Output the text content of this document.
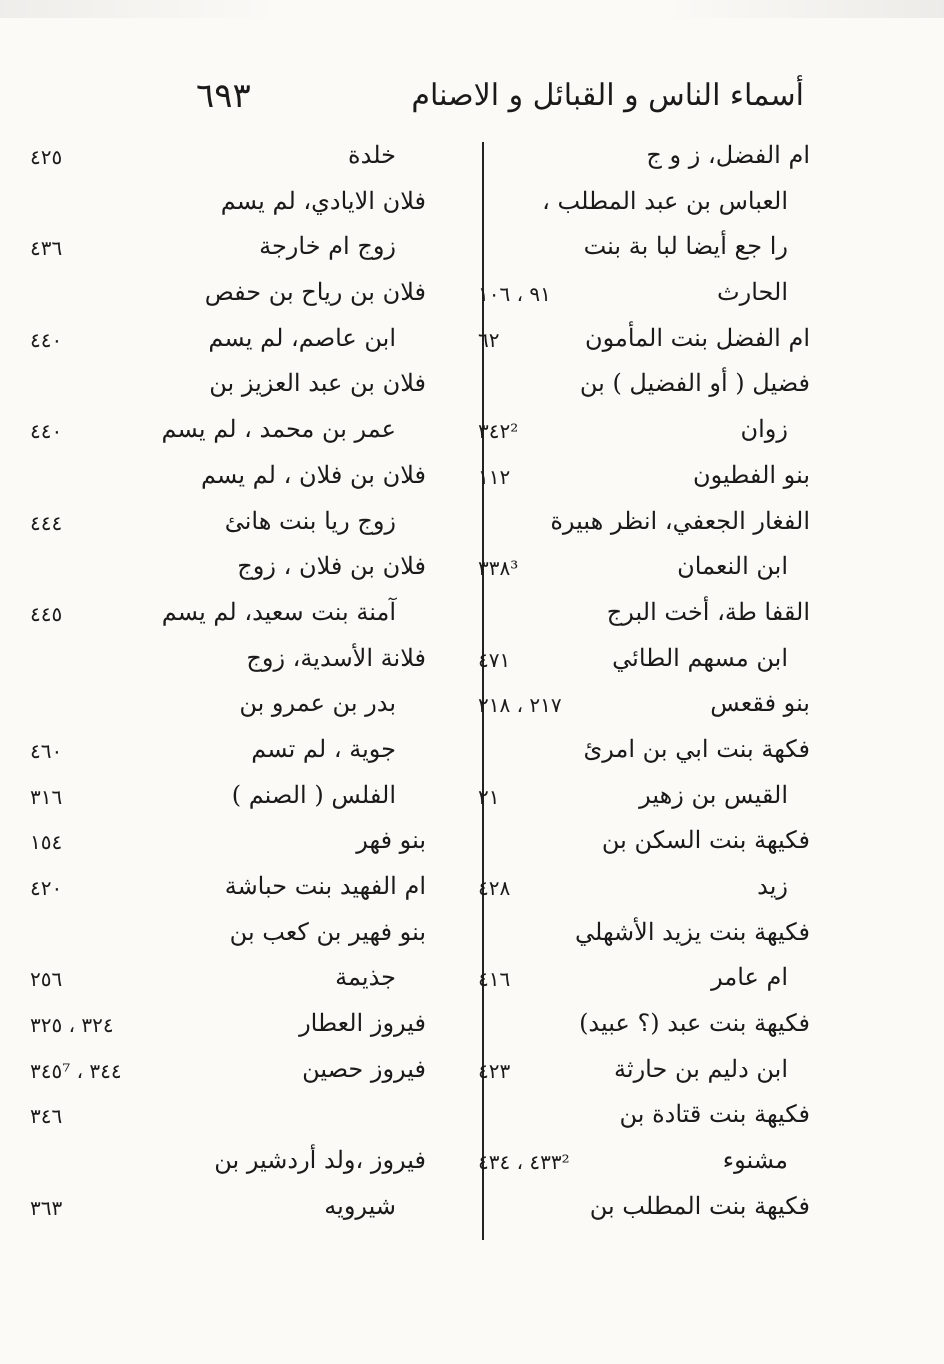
٦٩٣	أسماء الناس و القبائل و الاصنام
ام الفضل، ز و ج
العباس بن عبد المطلب ،
را جع أيضا لبا بة بنت
الحارث
٩١ ، ١٠٦
ام الفضل بنت المأمون
٦٢
فضيل ( أو الفضيل ) بن
زوان
٣٤٢²
بنو الفطيون
١١٢
الفغار الجعفي، انظر هبيرة
ابن النعمان
٣٣٨³
القفا طة، أخت البرج
ابن مسهم الطائي
٤٧١
بنو فقعس
٢١٧ ، ٢١٨
فكهة بنت ابي بن امرئ
القيس بن زهير
٢١
فكيهة بنت السكن بن
زيد
٤٢٨
فكيهة بنت يزيد الأشهلي
ام عامر
٤١٦
فكيهة بنت عبد (؟ عبيد)
ابن دليم بن حارثة
٤٢٣
فكيهة بنت قتادة بن
مشنوء
٤٣٣² ، ٤٣٤
فكيهة بنت المطلب بن
خلدة
٤٢٥
فلان الايادي، لم يسم
زوج ام خارجة
٤٣٦
فلان بن رياح بن حفص
ابن عاصم، لم يسم
٤٤٠
فلان بن عبد العزيز بن
عمر بن محمد ، لم يسم
٤٤٠
فلان بن فلان ، لم يسم
زوج ريا بنت هانئ
٤٤٤
فلان بن فلان ، زوج
آمنة بنت سعيد، لم يسم
٤٤٥
فلانة الأسدية، زوج
بدر بن عمرو بن
جوية ، لم تسم
٤٦٠
الفلس ( الصنم )
٣١٦
بنو فهر
١٥٤
ام الفهيد بنت حباشة
٤٢٠
بنو فهير بن كعب بن
جذيمة
٢٥٦
فيروز العطار
٣٢٤ ، ٣٢٥
فيروز حصين
٣٤٤ ، ٣٤٥⁷
٣٤٦
فيروز ،ولد أردشير بن
شيرويه
٣٦٣
